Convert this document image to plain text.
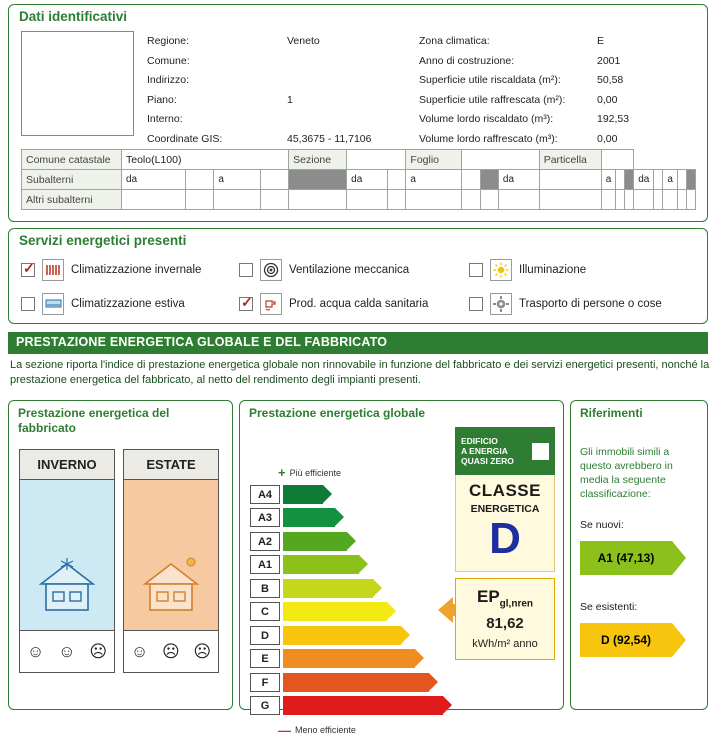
Dati identificativi
Regione:	Veneto
Comune:
Indirizzo:
Piano:	1
Interno:
Coordinate GIS:	45,3675 - 11,7106
Zona climatica:	E
Anno di costruzione:	2001
Superficie utile riscaldata (m²):	50,58
Superficie utile raffrescata (m²):	0,00
Volume lordo riscaldato (m³):	192,53
Volume lordo raffrescato (m³):	0,00
Comune catastale	Teolo(L100)				Sezione			Foglio				Particella								
Subalterni	da		a			da		a			da		a			da		a		
Altri subalterni																				
Servizi energetici presenti
✓
Climatizzazione invernale	Ventilazione meccanica	Illuminazione
Climatizzazione estiva ✓	Prod. acqua calda sanitaria	Trasporto di persone o cose
PRESTAZIONE ENERGETICA GLOBALE E DEL FABBRICATO
La sezione riporta l'indice di prestazione energetica globale non rinnovabile in funzione del fabbricato e dei servizi energetici presenti, nonché la prestazione energetica del fabbricato, al netto del rendimento degli impianti presenti.
Prestazione energetica del fabbricato
INVERNO
☺ ☺ ☹
ESTATE
☺ ☹ ☹
Prestazione energetica globale
+ Più efficiente
A4
A3
A2
A1
B
C
D
E
F
G
— Meno efficiente
EDIFICIO
A ENERGIA
QUASI ZERO
CLASSE
ENERGETICA
D
$EP_{gl,nren}$
81,62
kWh/m² anno
Riferimenti
Gli immobili simili a questo avrebbero in media la seguente classificazione:
Se nuovi:
A1 (47,13)
Se esistenti:
D (92,54)
